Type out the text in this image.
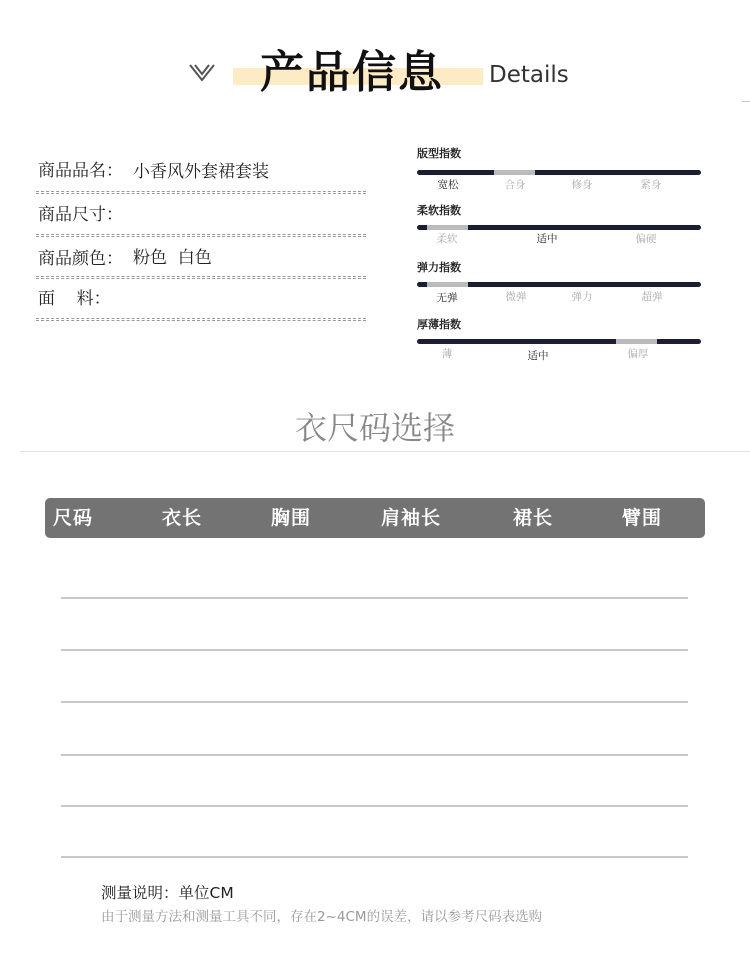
产品信息 Details
商品品名： 小香风外套裙套装
商品尺寸：
商品颜色： 粉色  白色
面    料：
版型指数
宽松	合身	修身	紧身
柔软指数
柔软	适中	偏硬
弹力指数
无弹	微弹	弹力	超弹
厚薄指数
薄	适中	偏厚
衣尺码选择
尺码	衣长	胸围	肩袖长	裙长	臂围
测量说明：单位CM
由于测量方法和测量工具不同，存在2~4CM的误差，请以参考尺码表选购
